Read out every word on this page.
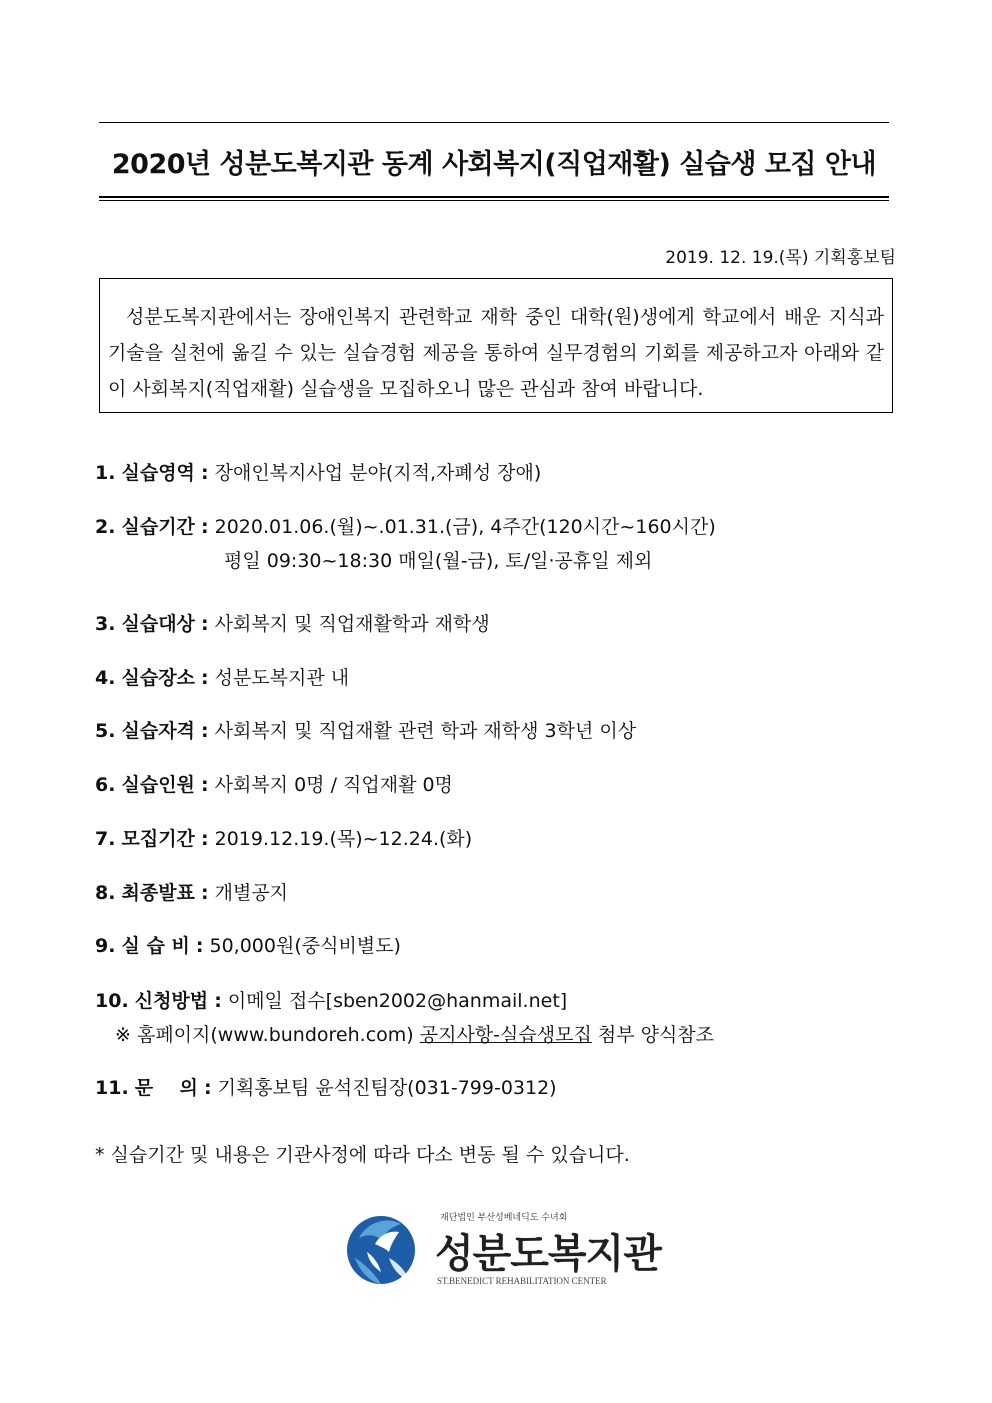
2020년 성분도복지관 동계 사회복지(직업재활) 실습생 모집 안내
2019. 12. 19.(목) 기획홍보팀

성분도복지관에서는 장애인복지 관련학교 재학 중인 대학(원)생에게 학교에서 배운 지식과 기술을 실천에 옮길 수 있는 실습경험 제공을 통하여 실무경험의 기회를 제공하고자 아래와 같이 사회복지(직업재활) 실습생을 모집하오니 많은 관심과 참여 바랍니다.

1. 실습영역 : 장애인복지사업 분야(지적,자폐성 장애)
2. 실습기간 : 2020.01.06.(월)~.01.31.(금), 4주간(120시간~160시간)
평일 09:30~18:30 매일(월-금), 토/일·공휴일 제외
3. 실습대상 : 사회복지 및 직업재활학과 재학생
4. 실습장소 : 성분도복지관 내
5. 실습자격 : 사회복지 및 직업재활 관련 학과 재학생 3학년 이상
6. 실습인원 : 사회복지 0명 / 직업재활 0명
7. 모집기간 : 2019.12.19.(목)~12.24.(화)
8. 최종발표 : 개별공지
9. 실 습 비 : 50,000원(중식비별도)
10. 신청방법 : 이메일 접수[sben2002@hanmail.net]
※ 홈페이지(www.bundoreh.com) 공지사항-실습생모집 첨부 양식참조
11. 문    의 : 기획홍보팀 윤석진팀장(031-799-0312)
* 실습기간 및 내용은 기관사정에 따라 다소 변동 될 수 있습니다.
재단법인 부산성베네딕도 수녀회
성분도복지관
ST.BENEDICT REHABILITATION CENTER
